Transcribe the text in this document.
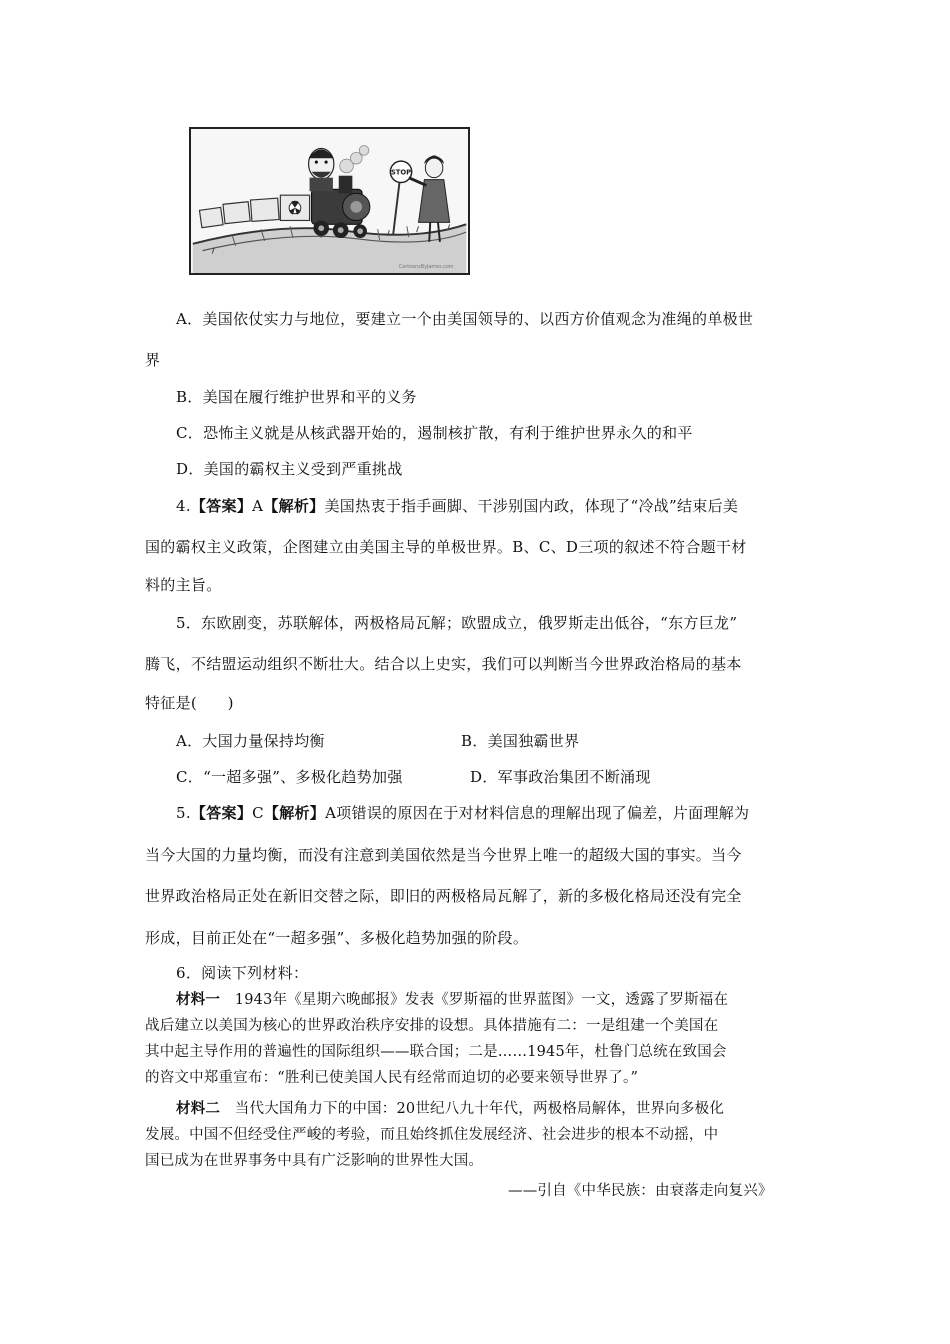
STOP
CartoonsByJames.com
A．美国依仗实力与地位，要建立一个由美国领导的、以西方价值观念为准绳的单极世
界
B．美国在履行维护世界和平的义务
C．恐怖主义就是从核武器开始的，遏制核扩散，有利于维护世界永久的和平
D．美国的霸权主义受到严重挑战
4.【答案】A【解析】美国热衷于指手画脚、干涉别国内政，体现了“冷战”结束后美
国的霸权主义政策，企图建立由美国主导的单极世界。B、C、D三项的叙述不符合题干材
料的主旨。
5．东欧剧变，苏联解体，两极格局瓦解；欧盟成立，俄罗斯走出低谷，“东方巨龙”
腾飞，不结盟运动组织不断壮大。结合以上史实，我们可以判断当今世界政治格局的基本
特征是(　　)
A．大国力量保持均衡	B．美国独霸世界
C．“一超多强”、多极化趋势加强	D．军事政治集团不断涌现
5.【答案】C【解析】A项错误的原因在于对材料信息的理解出现了偏差，片面理解为
当今大国的力量均衡，而没有注意到美国依然是当今世界上唯一的超级大国的事实。当今
世界政治格局正处在新旧交替之际，即旧的两极格局瓦解了，新的多极化格局还没有完全
形成，目前正处在“一超多强”、多极化趋势加强的阶段。
6．阅读下列材料：
材料一　1943年《星期六晚邮报》发表《罗斯福的世界蓝图》一文，透露了罗斯福在
战后建立以美国为核心的世界政治秩序安排的设想。具体措施有二：一是组建一个美国在
其中起主导作用的普遍性的国际组织——联合国；二是……1945年，杜鲁门总统在致国会
的咨文中郑重宣布：“胜利已使美国人民有经常而迫切的必要来领导世界了。”
材料二　当代大国角力下的中国：20世纪八九十年代，两极格局解体，世界向多极化
发展。中国不但经受住严峻的考验，而且始终抓住发展经济、社会进步的根本不动摇，中
国已成为在世界事务中具有广泛影响的世界性大国。
——引自《中华民族：由衰落走向复兴》
